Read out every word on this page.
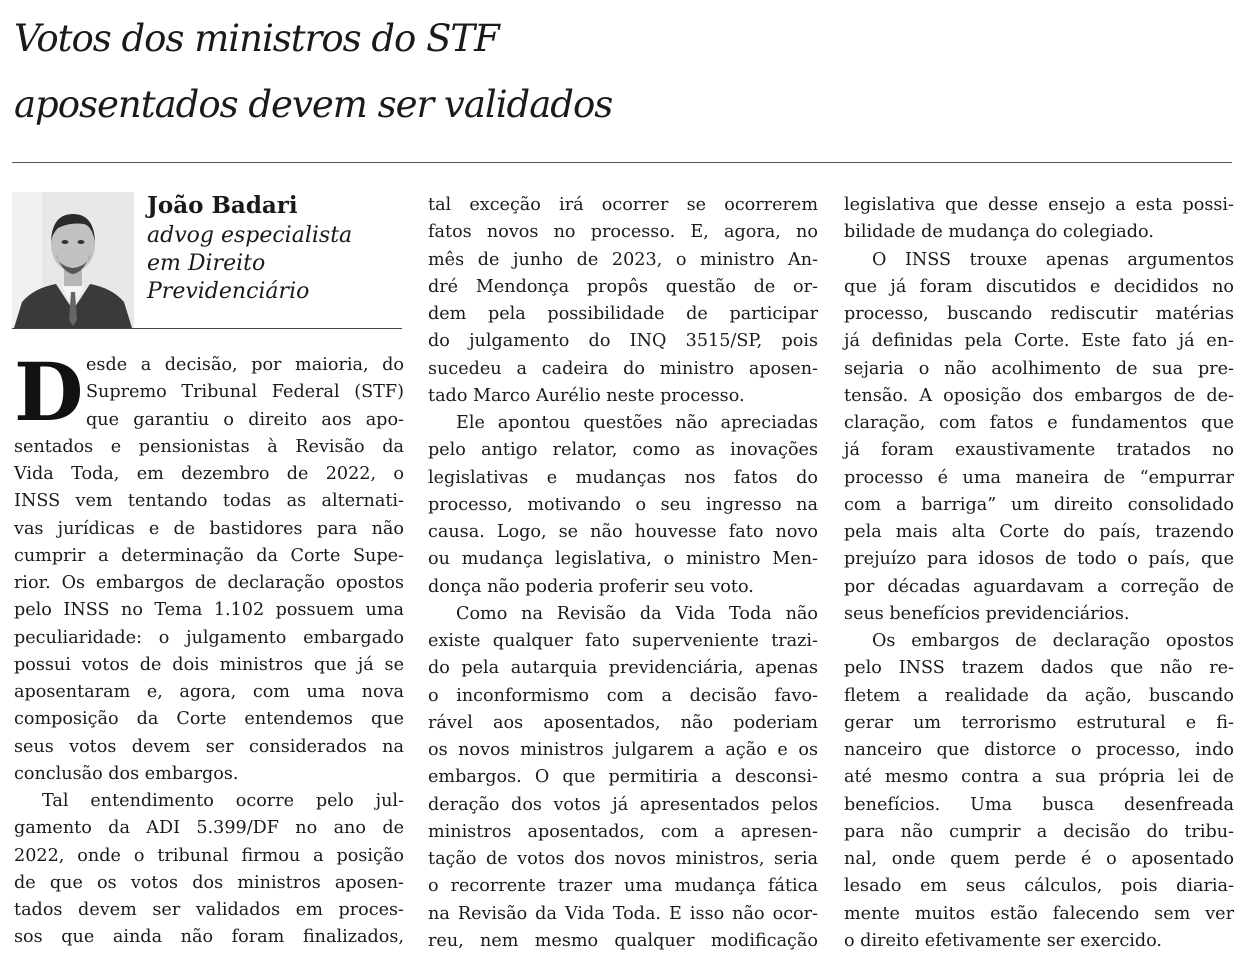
Votos dos ministros do STF
aposentados devem ser validados
João Badari
advog especialista
em Direito
Previdenciário
D esde a decisão, por maioria, do
Supremo Tribunal Federal (STF)
que garantiu o direito aos apo-
sentados e pensionistas à Revisão da
Vida Toda, em dezembro de 2022, o
INSS vem tentando todas as alternati-
vas jurídicas e de bastidores para não
cumprir a determinação da Corte Supe-
rior. Os embargos de declaração opostos
pelo INSS no Tema 1.102 possuem uma
peculiaridade: o julgamento embargado
possui votos de dois ministros que já se
aposentaram e, agora, com uma nova
composição da Corte entendemos que
seus votos devem ser considerados na
conclusão dos embargos.
Tal entendimento ocorre pelo jul-
gamento da ADI 5.399/DF no ano de
2022, onde o tribunal firmou a posição
de que os votos dos ministros aposen-
tados devem ser validados em proces-
sos que ainda não foram finalizados,
tal exceção irá ocorrer se ocorrerem
fatos novos no processo. E, agora, no
mês de junho de 2023, o ministro An-
dré Mendonça propôs questão de or-
dem pela possibilidade de participar
do julgamento do INQ 3515/SP, pois
sucedeu a cadeira do ministro aposen-
tado Marco Aurélio neste processo.
Ele apontou questões não apreciadas
pelo antigo relator, como as inovações
legislativas e mudanças nos fatos do
processo, motivando o seu ingresso na
causa. Logo, se não houvesse fato novo
ou mudança legislativa, o ministro Men-
donça não poderia proferir seu voto.
Como na Revisão da Vida Toda não
existe qualquer fato superveniente trazi-
do pela autarquia previdenciária, apenas
o inconformismo com a decisão favo-
rável aos aposentados, não poderiam
os novos ministros julgarem a ação e os
embargos. O que permitiria a desconsi-
deração dos votos já apresentados pelos
ministros aposentados, com a apresen-
tação de votos dos novos ministros, seria
o recorrente trazer uma mudança fática
na Revisão da Vida Toda. E isso não ocor-
reu, nem mesmo qualquer modificação
legislativa que desse ensejo a esta possi-
bilidade de mudança do colegiado.
O INSS trouxe apenas argumentos
que já foram discutidos e decididos no
processo, buscando rediscutir matérias
já definidas pela Corte. Este fato já en-
sejaria o não acolhimento de sua pre-
tensão. A oposição dos embargos de de-
claração, com fatos e fundamentos que
já foram exaustivamente tratados no
processo é uma maneira de “empurrar
com a barriga” um direito consolidado
pela mais alta Corte do país, trazendo
prejuízo para idosos de todo o país, que
por décadas aguardavam a correção de
seus benefícios previdenciários.
Os embargos de declaração opostos
pelo INSS trazem dados que não re-
fletem a realidade da ação, buscando
gerar um terrorismo estrutural e fi-
nanceiro que distorce o processo, indo
até mesmo contra a sua própria lei de
benefícios. Uma busca desenfreada
para não cumprir a decisão do tribu-
nal, onde quem perde é o aposentado
lesado em seus cálculos, pois diaria-
mente muitos estão falecendo sem ver
o direito efetivamente ser exercido.
